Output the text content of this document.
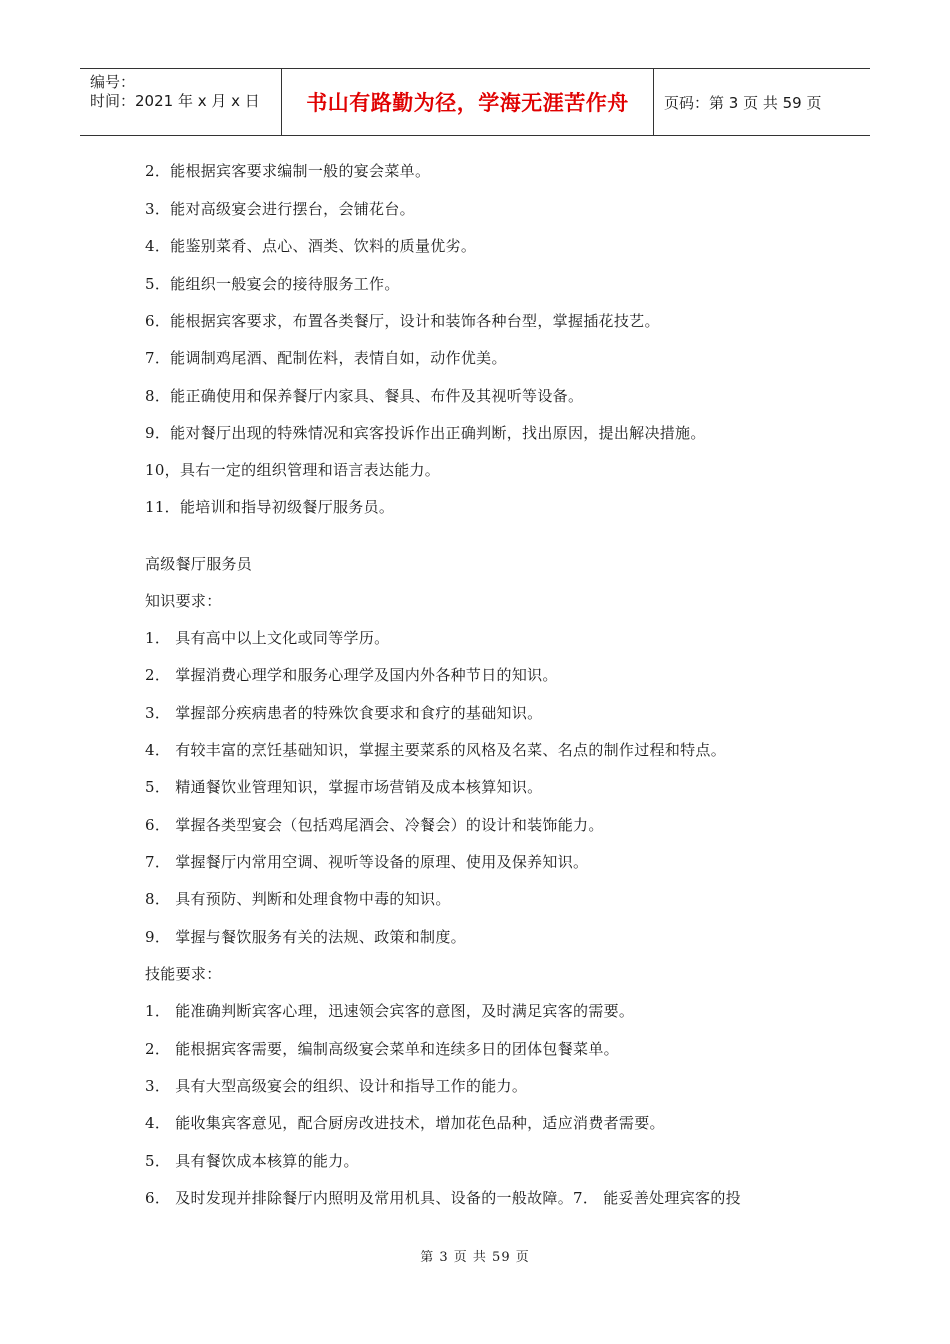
编号：
时间：2021 年 x 月 x 日 书山有路勤为径，学海无涯苦作舟 页码：第 3 页 共 59 页
2．能根据宾客要求编制一般的宴会菜单。
3．能对高级宴会进行摆台，会铺花台。
4．能鉴别菜肴、点心、酒类、饮料的质量优劣。
5．能组织一般宴会的接待服务工作。
6．能根据宾客要求，布置各类餐厅，设计和装饰各种台型，掌握插花技艺。
7．能调制鸡尾酒、配制佐料，表情自如，动作优美。
8．能正确使用和保养餐厅内家具、餐具、布件及其视听等设备。
9．能对餐厅出现的特殊情况和宾客投诉作出正确判断，找出原因，提出解决措施。
10，具右一定的组织管理和语言表达能力。
11．能培训和指导初级餐厅服务员。
高级餐厅服务员
知识要求：
1． 具有高中以上文化或同等学历。
2． 掌握消费心理学和服务心理学及国内外各种节日的知识。
3． 掌握部分疾病患者的特殊饮食要求和食疗的基础知识。
4． 有较丰富的烹饪基础知识，掌握主要菜系的风格及名菜、名点的制作过程和特点。
5． 精通餐饮业管理知识，掌握市场营销及成本核算知识。
6． 掌握各类型宴会（包括鸡尾酒会、冷餐会）的设计和装饰能力。
7． 掌握餐厅内常用空调、视听等设备的原理、使用及保养知识。
8． 具有预防、判断和处理食物中毒的知识。
9． 掌握与餐饮服务有关的法规、政策和制度。
技能要求：
1． 能准确判断宾客心理，迅速领会宾客的意图，及时满足宾客的需要。
2． 能根据宾客需要，编制高级宴会菜单和连续多日的团体包餐菜单。
3． 具有大型高级宴会的组织、设计和指导工作的能力。
4． 能收集宾客意见，配合厨房改进技术，增加花色品种，适应消费者需要。
5． 具有餐饮成本核算的能力。
6． 及时发现并排除餐厅内照明及常用机具、设备的一般故障。7． 能妥善处理宾客的投
第 3 页 共 59 页
